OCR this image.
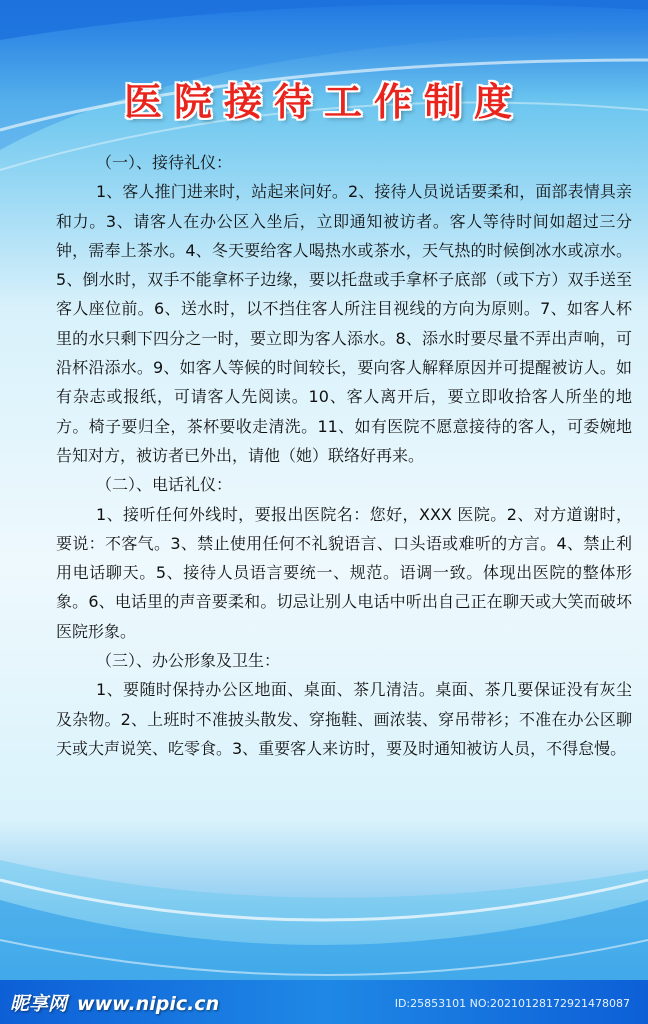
医院接待工作制度

（一）、接待礼仪：

1、客人推门进来时，站起来问好。2、接待人员说话要柔和，面部表情具亲和力。3、请客人在办公区入坐后，立即通知被访者。客人等待时间如超过三分钟，需奉上茶水。4、冬天要给客人喝热水或茶水，天气热的时候倒冰水或凉水。5、倒水时，双手不能拿杯子边缘，要以托盘或手拿杯子底部（或下方）双手送至客人座位前。6、送水时，以不挡住客人所注目视线的方向为原则。7、如客人杯里的水只剩下四分之一时，要立即为客人添水。8、添水时要尽量不弄出声响，可沿杯沿添水。9、如客人等候的时间较长，要向客人解释原因并可提醒被访人。如有杂志或报纸，可请客人先阅读。10、客人离开后，要立即收拾客人所坐的地方。椅子要归全，茶杯要收走清洗。11、如有医院不愿意接待的客人，可委婉地告知对方，被访者已外出，请他（她）联络好再来。

（二）、电话礼仪：

1、接听任何外线时，要报出医院名：您好，XXX 医院。2、对方道谢时，要说：不客气。3、禁止使用任何不礼貌语言、口头语或难听的方言。4、禁止利用电话聊天。5、接待人员语言要统一、规范。语调一致。体现出医院的整体形象。6、电话里的声音要柔和。切忌让别人电话中听出自己正在聊天或大笑而破坏医院形象。

（三）、办公形象及卫生：

1、要随时保持办公区地面、桌面、茶几清洁。桌面、茶几要保证没有灰尘及杂物。2、上班时不准披头散发、穿拖鞋、画浓装、穿吊带衫；不准在办公区聊天或大声说笑、吃零食。3、重要客人来访时，要及时通知被访人员，不得怠慢。

昵享网 www.nipic.cn	ID:25853101 NO:20210128172921478087
